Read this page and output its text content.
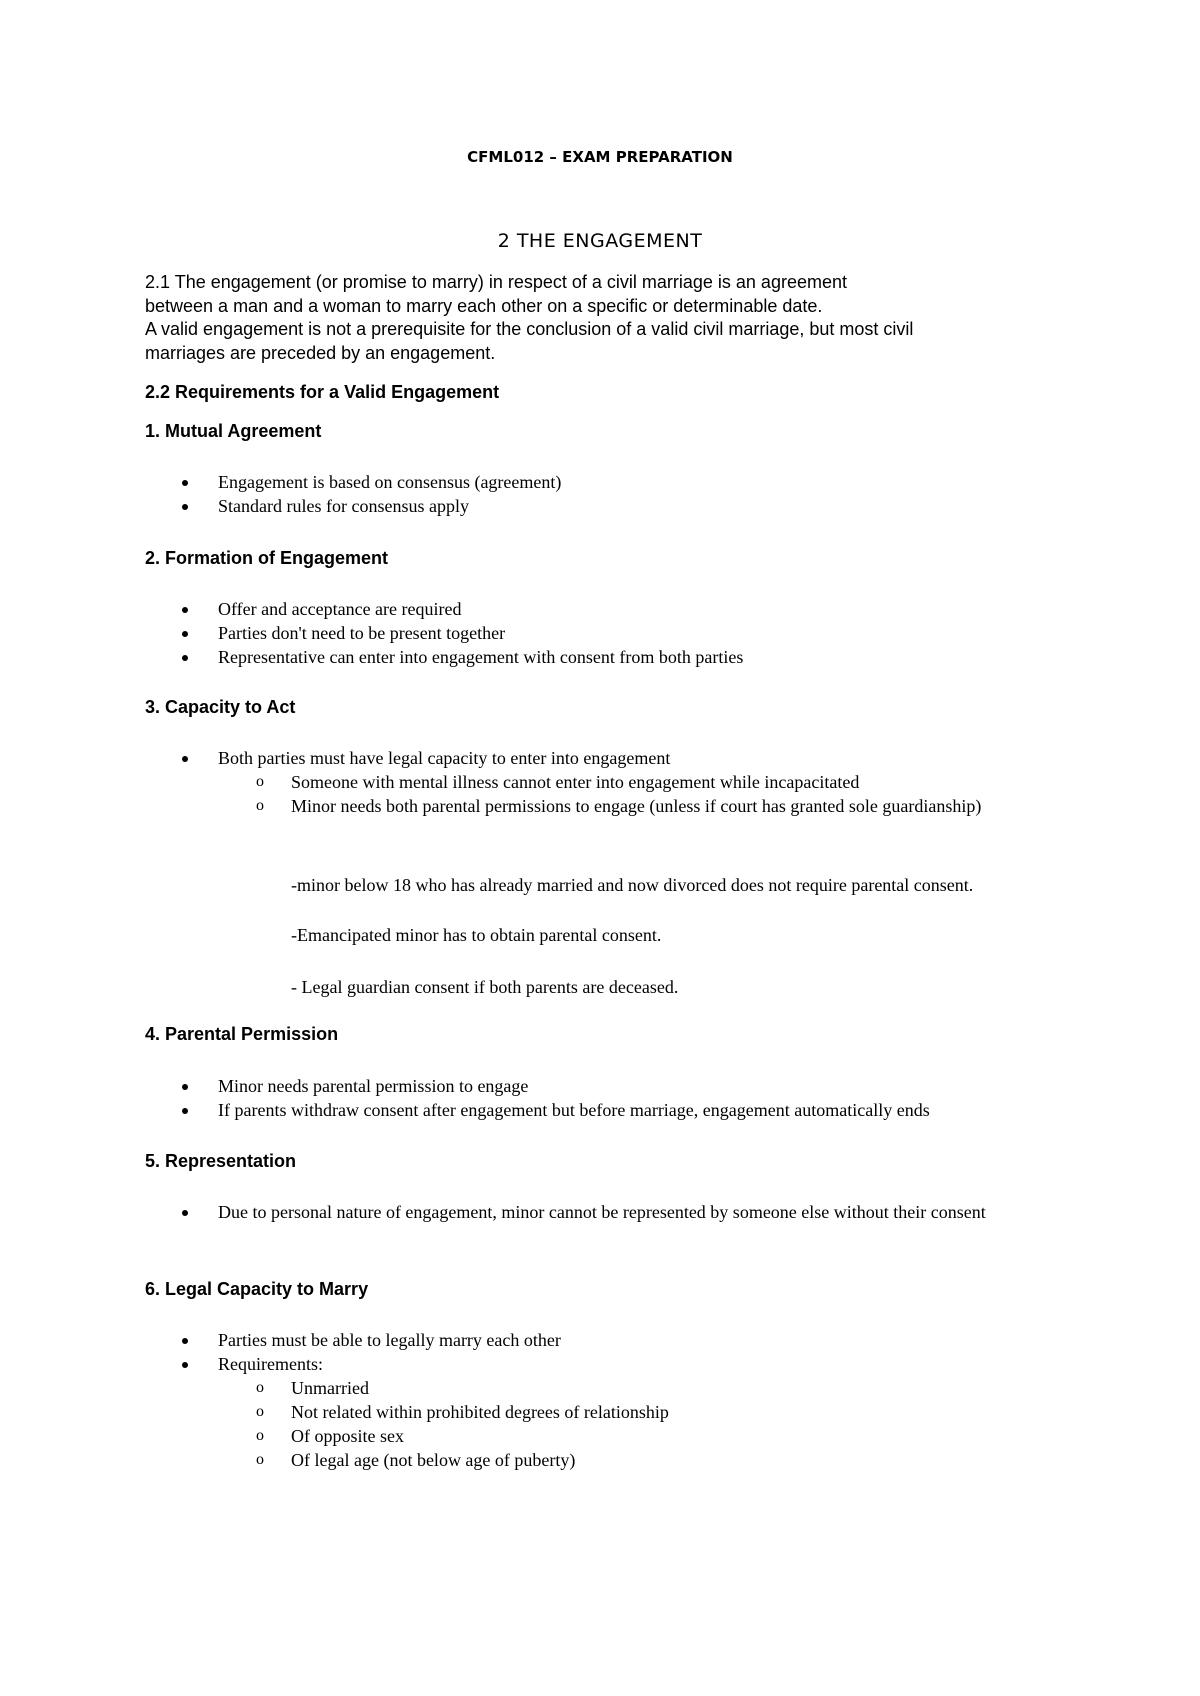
CFML012 – EXAM PREPARATION
2 THE ENGAGEMENT

2.1 The engagement (or promise to marry) in respect of a civil marriage is an agreement

between a man and a woman to marry each other on a specific or determinable date.

A valid engagement is not a prerequisite for the conclusion of a valid civil marriage, but most civil

marriages are preceded by an engagement.

2.2 Requirements for a Valid Engagement
1. Mutual Agreement
Engagement is based on consensus (agreement)
Standard rules for consensus apply
2. Formation of Engagement
Offer and acceptance are required
Parties don't need to be present together
Representative can enter into engagement with consent from both parties
3. Capacity to Act
Both parties must have legal capacity to enter into engagement
o Someone with mental illness cannot enter into engagement while incapacitated
o Minor needs both parental permissions to engage (unless if court has granted sole guardianship)
-minor below 18 who has already married and now divorced does not require parental consent.
-Emancipated minor has to obtain parental consent.
- Legal guardian consent if both parents are deceased.
4. Parental Permission
Minor needs parental permission to engage
If parents withdraw consent after engagement but before marriage, engagement automatically ends
5. Representation
Due to personal nature of engagement, minor cannot be represented by someone else without their consent
6. Legal Capacity to Marry
Parties must be able to legally marry each other
Requirements:
o Unmarried
o Not related within prohibited degrees of relationship
o Of opposite sex
o Of legal age (not below age of puberty)
